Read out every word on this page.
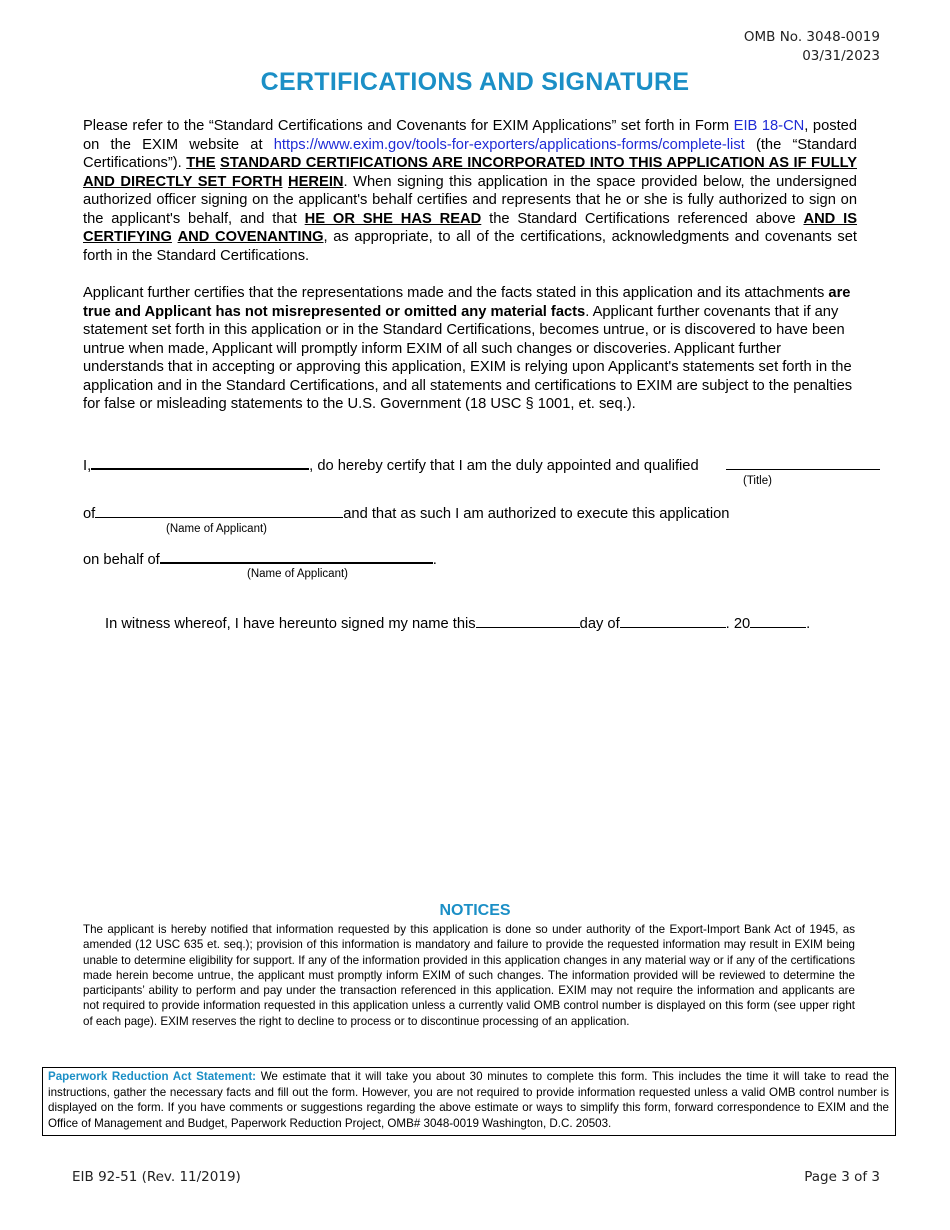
OMB No. 3048-0019
03/31/2023
CERTIFICATIONS AND SIGNATURE
Please refer to the “Standard Certifications and Covenants for EXIM Applications” set forth in Form EIB 18-CN, posted on the EXIM website at https://www.exim.gov/tools-for-exporters/applications-forms/complete-list (the “Standard Certifications”). THE STANDARD CERTIFICATIONS ARE INCORPORATED INTO THIS APPLICATION AS IF FULLY AND DIRECTLY SET FORTH HEREIN. When signing this application in the space provided below, the undersigned authorized officer signing on the applicant's behalf certifies and represents that he or she is fully authorized to sign on the applicant's behalf, and that HE OR SHE HAS READ the Standard Certifications referenced above AND IS CERTIFYING AND COVENANTING, as appropriate, to all of the certifications, acknowledgments and covenants set forth in the Standard Certifications.
Applicant further certifies that the representations made and the facts stated in this application and its attachments are true and Applicant has not misrepresented or omitted any material facts. Applicant further covenants that if any statement set forth in this application or in the Standard Certifications, becomes untrue, or is discovered to have been untrue when made, Applicant will promptly inform EXIM of all such changes or discoveries. Applicant further understands that in accepting or approving this application, EXIM is relying upon Applicant's statements set forth in the application and in the Standard Certifications, and all statements and certifications to EXIM are subject to the penalties for false or misleading statements to the U.S. Government (18 USC § 1001, et. seq.).
I,	, do hereby certify that I am the duly appointed and qualified
(Title)
of	and that as such I am authorized to execute this application
(Name of Applicant)
on behalf of	.
(Name of Applicant)
In witness whereof, I have hereunto signed my name this	day of	. 20	.
NOTICES
The applicant is hereby notified that information requested by this application is done so under authority of the Export-Import Bank Act of 1945, as amended (12 USC 635 et. seq.); provision of this information is mandatory and failure to provide the requested information may result in EXIM being unable to determine eligibility for support. If any of the information provided in this application changes in any material way or if any of the certifications made herein become untrue, the applicant must promptly inform EXIM of such changes. The information provided will be reviewed to determine the participants’ ability to perform and pay under the transaction referenced in this application. EXIM may not require the information and applicants are not required to provide information requested in this application unless a currently valid OMB control number is displayed on this form (see upper right of each page). EXIM reserves the right to decline to process or to discontinue processing of an application.
Paperwork Reduction Act Statement: We estimate that it will take you about 30 minutes to complete this form. This includes the time it will take to read the instructions, gather the necessary facts and fill out the form. However, you are not required to provide information requested unless a valid OMB control number is displayed on the form. If you have comments or suggestions regarding the above estimate or ways to simplify this form, forward correspondence to EXIM and the Office of Management and Budget, Paperwork Reduction Project, OMB# 3048-0019 Washington, D.C. 20503.
EIB 92-51 (Rev. 11/2019)	Page 3 of 3
